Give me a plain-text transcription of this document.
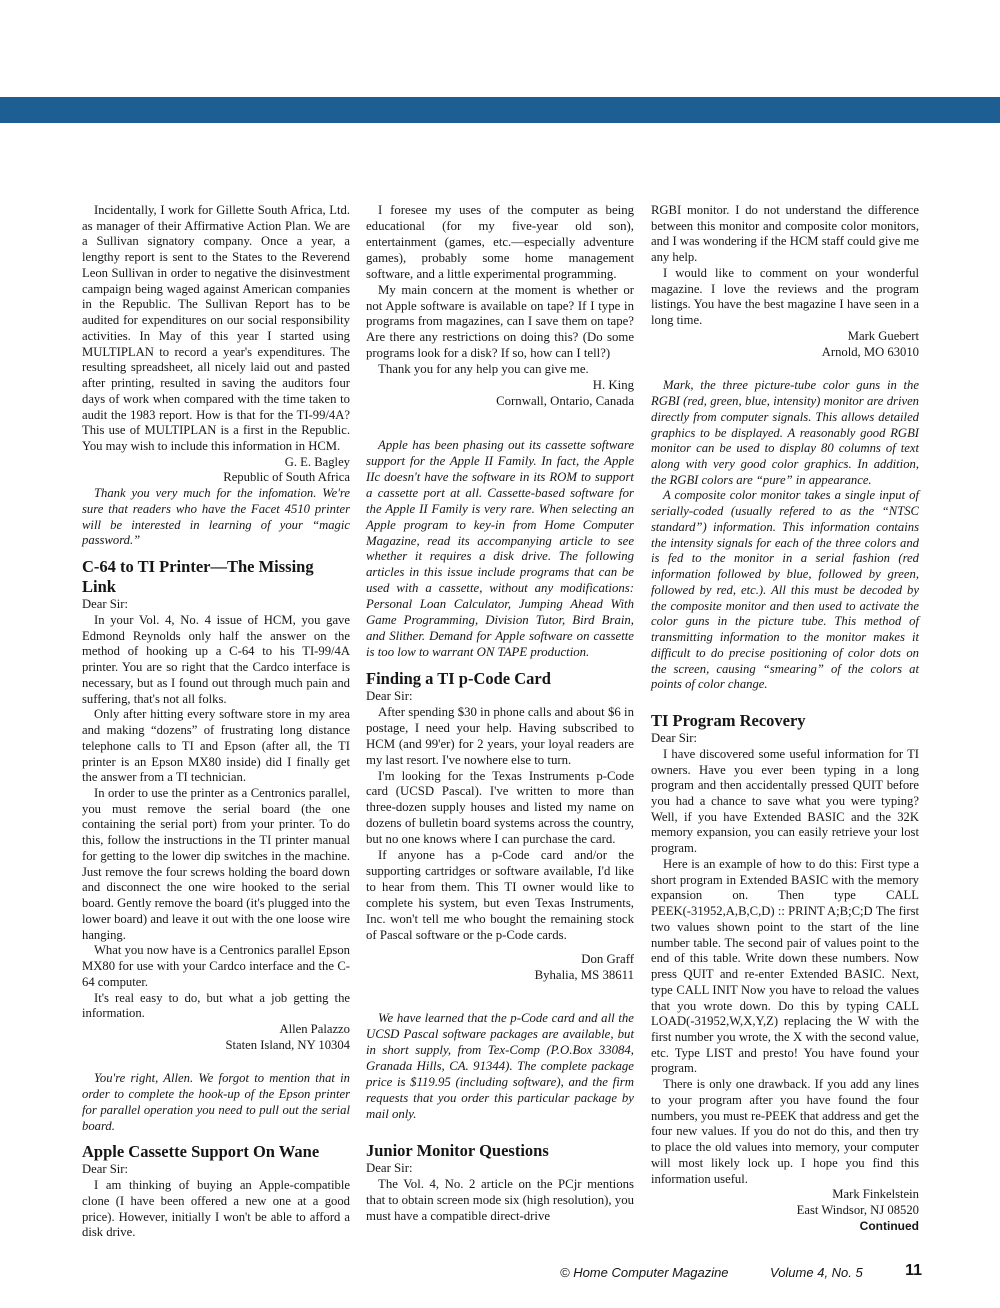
Incidentally, I work for Gillette South Africa, Ltd. as manager of their Affirmative Action Plan. We are a Sullivan signatory company. Once a year, a lengthy report is sent to the States to the Reverend Leon Sullivan in order to negative the disinvestment campaign being waged against American companies in the Republic. The Sullivan Report has to be audited for expenditures on our social responsibility activities. In May of this year I started using MULTIPLAN to record a year's expenditures. The resulting spreadsheet, all nicely laid out and pasted after printing, resulted in saving the auditors four days of work when compared with the time taken to audit the 1983 report. How is that for the TI-99/4A? This use of MULTIPLAN is a first in the Republic. You may wish to include this information in HCM.

G. E. Bagley

Republic of South Africa

Thank you very much for the infomation. We're sure that readers who have the Facet 4510 printer will be interested in learning of your “magic password.”

C-64 to TI Printer—The Missing Link

Dear Sir:

In your Vol. 4, No. 4 issue of HCM, you gave Edmond Reynolds only half the answer on the method of hooking up a C-64 to his TI-99/4A printer. You are so right that the Cardco interface is necessary, but as I found out through much pain and suffering, that's not all folks.

Only after hitting every software store in my area and making “dozens” of frustrating long distance telephone calls to TI and Epson (after all, the TI printer is an Epson MX80 inside) did I finally get the answer from a TI technician.

In order to use the printer as a Centronics parallel, you must remove the serial board (the one containing the serial port) from your printer. To do this, follow the instructions in the TI printer manual for getting to the lower dip switches in the machine. Just remove the four screws holding the board down and disconnect the one wire hooked to the serial board. Gently remove the board (it's plugged into the lower board) and leave it out with the one loose wire hanging.

What you now have is a Centronics parallel Epson MX80 for use with your Cardco interface and the C-64 computer.

It's real easy to do, but what a job getting the information.

Allen Palazzo

Staten Island, NY 10304

You're right, Allen. We forgot to mention that in order to complete the hook-up of the Epson printer for parallel operation you need to pull out the serial board.

Apple Cassette Support On Wane

Dear Sir:

I am thinking of buying an Apple-compatible clone (I have been offered a new one at a good price). However, initially I won't be able to afford a disk drive.

I foresee my uses of the computer as being educational (for my five-year old son), entertainment (games, etc.—especially adventure games), probably some home management software, and a little experimental programming.

My main concern at the moment is whether or not Apple software is available on tape? If I type in programs from magazines, can I save them on tape? Are there any restrictions on doing this? (Do some programs look for a disk? If so, how can I tell?)

Thank you for any help you can give me.

H. King

Cornwall, Ontario, Canada

Apple has been phasing out its cassette software support for the Apple II Family. In fact, the Apple IIc doesn't have the software in its ROM to support a cassette port at all. Cassette-based software for the Apple II Family is very rare. When selecting an Apple program to key-in from Home Computer Magazine, read its accompanying article to see whether it requires a disk drive. The following articles in this issue include programs that can be used with a cassette, without any modifications: Personal Loan Calculator, Jumping Ahead With Game Programming, Division Tutor, Bird Brain, and Slither. Demand for Apple software on cassette is too low to warrant ON TAPE production.

Finding a TI p-Code Card

Dear Sir:

After spending $30 in phone calls and about $6 in postage, I need your help. Having subscribed to HCM (and 99'er) for 2 years, your loyal readers are my last resort. I've nowhere else to turn.

I'm looking for the Texas Instruments p-Code card (UCSD Pascal). I've written to more than three-dozen supply houses and listed my name on dozens of bulletin board systems across the country, but no one knows where I can purchase the card.

If anyone has a p-Code card and/or the supporting cartridges or software available, I'd like to hear from them. This TI owner would like to complete his system, but even Texas Instruments, Inc. won't tell me who bought the remaining stock of Pascal software or the p-Code cards.

Don Graff

Byhalia, MS 38611

We have learned that the p-Code card and all the UCSD Pascal software packages are available, but in short supply, from Tex-Comp (P.O.Box 33084, Granada Hills, CA. 91344). The complete package price is $119.95 (including software), and the firm requests that you order this particular package by mail only.

Junior Monitor Questions

Dear Sir:

The Vol. 4, No. 2 article on the PCjr mentions that to obtain screen mode six (high resolution), you must have a compatible direct-drive

RGBI monitor. I do not understand the difference between this monitor and composite color monitors, and I was wondering if the HCM staff could give me any help.

I would like to comment on your wonderful magazine. I love the reviews and the program listings. You have the best magazine I have seen in a long time.

Mark Guebert

Arnold, MO 63010

Mark, the three picture-tube color guns in the RGBI (red, green, blue, intensity) monitor are driven directly from computer signals. This allows detailed graphics to be displayed. A reasonably good RGBI monitor can be used to display 80 columns of text along with very good color graphics. In addition, the RGBI colors are “pure” in appearance.

A composite color monitor takes a single input of serially-coded (usually refered to as the “NTSC standard”) information. This information contains the intensity signals for each of the three colors and is fed to the monitor in a serial fashion (red information followed by blue, followed by green, followed by red, etc.). All this must be decoded by the composite monitor and then used to activate the color guns in the picture tube. This method of transmitting information to the monitor makes it difficult to do precise positioning of color dots on the screen, causing “smearing” of the colors at points of color change.

TI Program Recovery

Dear Sir:

I have discovered some useful information for TI owners. Have you ever been typing in a long program and then accidentally pressed QUIT before you had a chance to save what you were typing? Well, if you have Extended BASIC and the 32K memory expansion, you can easily retrieve your lost program.

Here is an example of how to do this: First type a short program in Extended BASIC with the memory expansion on. Then type CALL PEEK(-31952,A,B,C,D) :: PRINT A;B;C;D The first two values shown point to the start of the line number table. The second pair of values point to the end of this table. Write down these numbers. Now press QUIT and re-enter Extended BASIC. Next, type CALL INIT Now you have to reload the values that you wrote down. Do this by typing CALL LOAD(-31952,W,X,Y,Z) replacing the W with the first number you wrote, the X with the second value, etc. Type LIST and presto! You have found your program.

There is only one drawback. If you add any lines to your program after you have found the four numbers, you must re-PEEK that address and get the four new values. If you do not do this, and then try to place the old values into memory, your computer will most likely lock up. I hope you find this information useful.

Mark Finkelstein

East Windsor, NJ 08520

Continued

© Home Computer Magazine	Volume 4, No. 5	11
